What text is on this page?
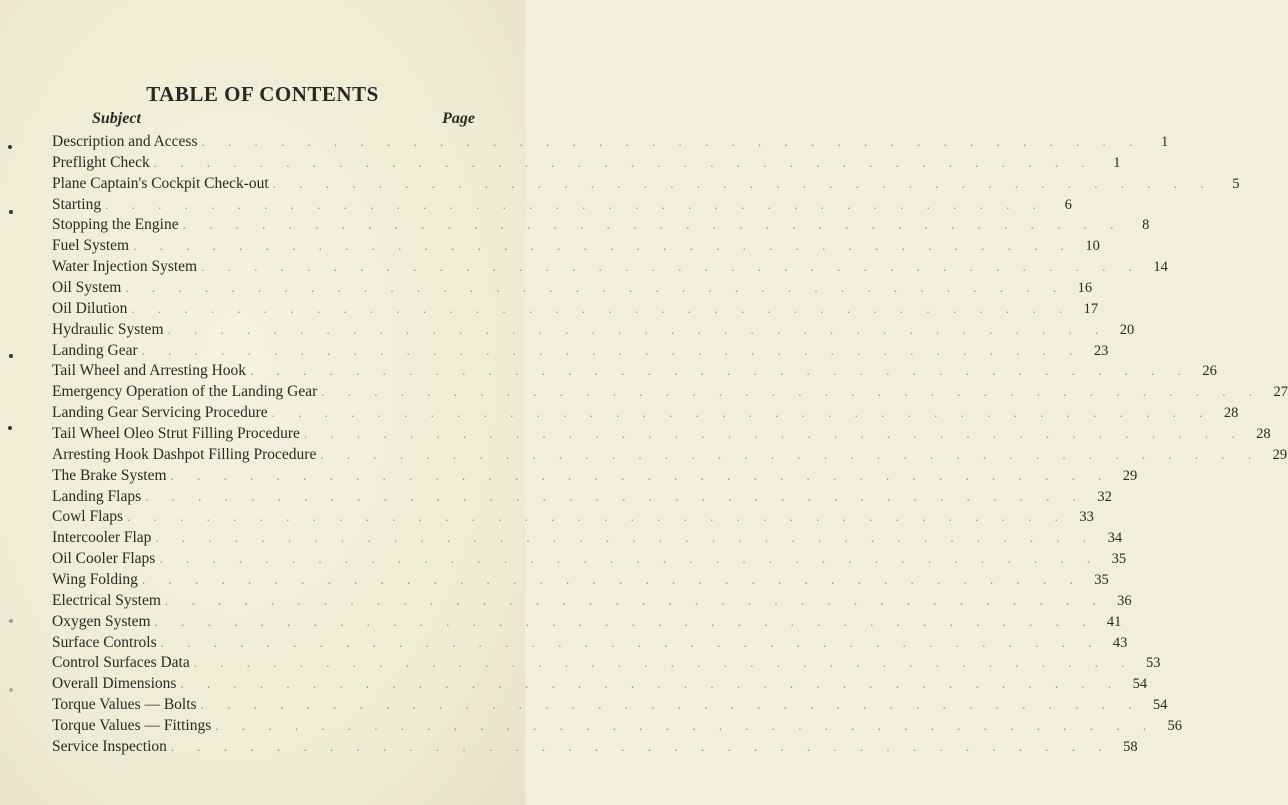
TABLE OF CONTENTS
Subject	Page
Description and Access . . . . . . . . . . . . . . . . . . . . . . . . . . . . . . . . . . . .	1
Preflight Check . . . . . . . . . . . . . . . . . . . . . . . . . . . . . . . . . . . .	1
Plane Captain's Cockpit Check-out . . . . . . . . . . . . . . . . . . . . . . . . . . . . . . . . . . . .	5
Starting . . . . . . . . . . . . . . . . . . . . . . . . . . . . . . . . . . . .	6
Stopping the Engine . . . . . . . . . . . . . . . . . . . . . . . . . . . . . . . . . . . .	8
Fuel System . . . . . . . . . . . . . . . . . . . . . . . . . . . . . . . . . . . . 10
Water Injection System . . . . . . . . . . . . . . . . . . . . . . . . . . . . . . . . . . . . 14
Oil System . . . . . . . . . . . . . . . . . . . . . . . . . . . . . . . . . . . . 16
Oil Dilution . . . . . . . . . . . . . . . . . . . . . . . . . . . . . . . . . . . . 17
Hydraulic System . . . . . . . . . . . . . . . . . . . . . . . . . . . . . . . . . . . . 20
Landing Gear . . . . . . . . . . . . . . . . . . . . . . . . . . . . . . . . . . . . 23
Tail Wheel and Arresting Hook . . . . . . . . . . . . . . . . . . . . . . . . . . . . . . . . . . . . 26
Emergency Operation of the Landing Gear . . . . . . . . . . . . . . . . . . . . . . . . . . . . . . . . . . . . 27
Landing Gear Servicing Procedure . . . . . . . . . . . . . . . . . . . . . . . . . . . . . . . . . . . . 28
Tail Wheel Oleo Strut Filling Procedure . . . . . . . . . . . . . . . . . . . . . . . . . . . . . . . . . . . . 28
Arresting Hook Dashpot Filling Procedure . . . . . . . . . . . . . . . . . . . . . . . . . . . . . . . . . . . . 29
The Brake System . . . . . . . . . . . . . . . . . . . . . . . . . . . . . . . . . . . . 29
Landing Flaps . . . . . . . . . . . . . . . . . . . . . . . . . . . . . . . . . . . . 32
Cowl Flaps . . . . . . . . . . . . . . . . . . . . . . . . . . . . . . . . . . . . 33
Intercooler Flap . . . . . . . . . . . . . . . . . . . . . . . . . . . . . . . . . . . . 34
Oil Cooler Flaps . . . . . . . . . . . . . . . . . . . . . . . . . . . . . . . . . . . . 35
Wing Folding . . . . . . . . . . . . . . . . . . . . . . . . . . . . . . . . . . . . 35
Electrical System . . . . . . . . . . . . . . . . . . . . . . . . . . . . . . . . . . . . 36
Oxygen System . . . . . . . . . . . . . . . . . . . . . . . . . . . . . . . . . . . . 41
Surface Controls . . . . . . . . . . . . . . . . . . . . . . . . . . . . . . . . . . . . 43
Control Surfaces Data . . . . . . . . . . . . . . . . . . . . . . . . . . . . . . . . . . . . 53
Overall Dimensions . . . . . . . . . . . . . . . . . . . . . . . . . . . . . . . . . . . . 54
Torque Values — Bolts . . . . . . . . . . . . . . . . . . . . . . . . . . . . . . . . . . . . 54
Torque Values — Fittings . . . . . . . . . . . . . . . . . . . . . . . . . . . . . . . . . . . . 56
Service Inspection . . . . . . . . . . . . . . . . . . . . . . . . . . . . . . . . . . . . 58
